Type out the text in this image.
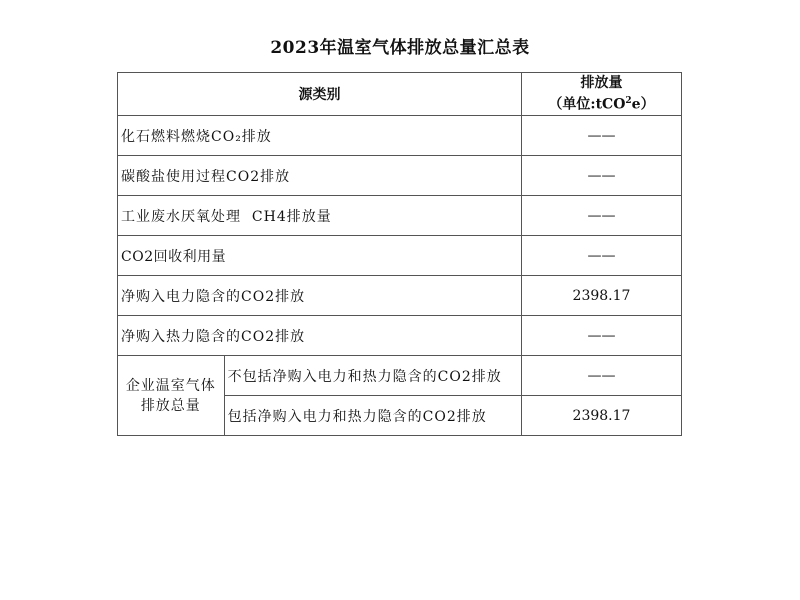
2023年温室气体排放总量汇总表
源类别		排放量
（单位:tCO$^2$e）

化石燃料燃烧CO₂排放		——
碳酸盐使用过程CO2排放		——
工业废水厌氧处理  CH4排放量		——
CO2回收利用量		——
净购入电力隐含的CO2排放		2398.17
净购入热力隐含的CO2排放		——
企业温室气体排放总量	不包括净购入电力和热力隐含的CO2排放	——
	包括净购入电力和热力隐含的CO2排放	2398.17
